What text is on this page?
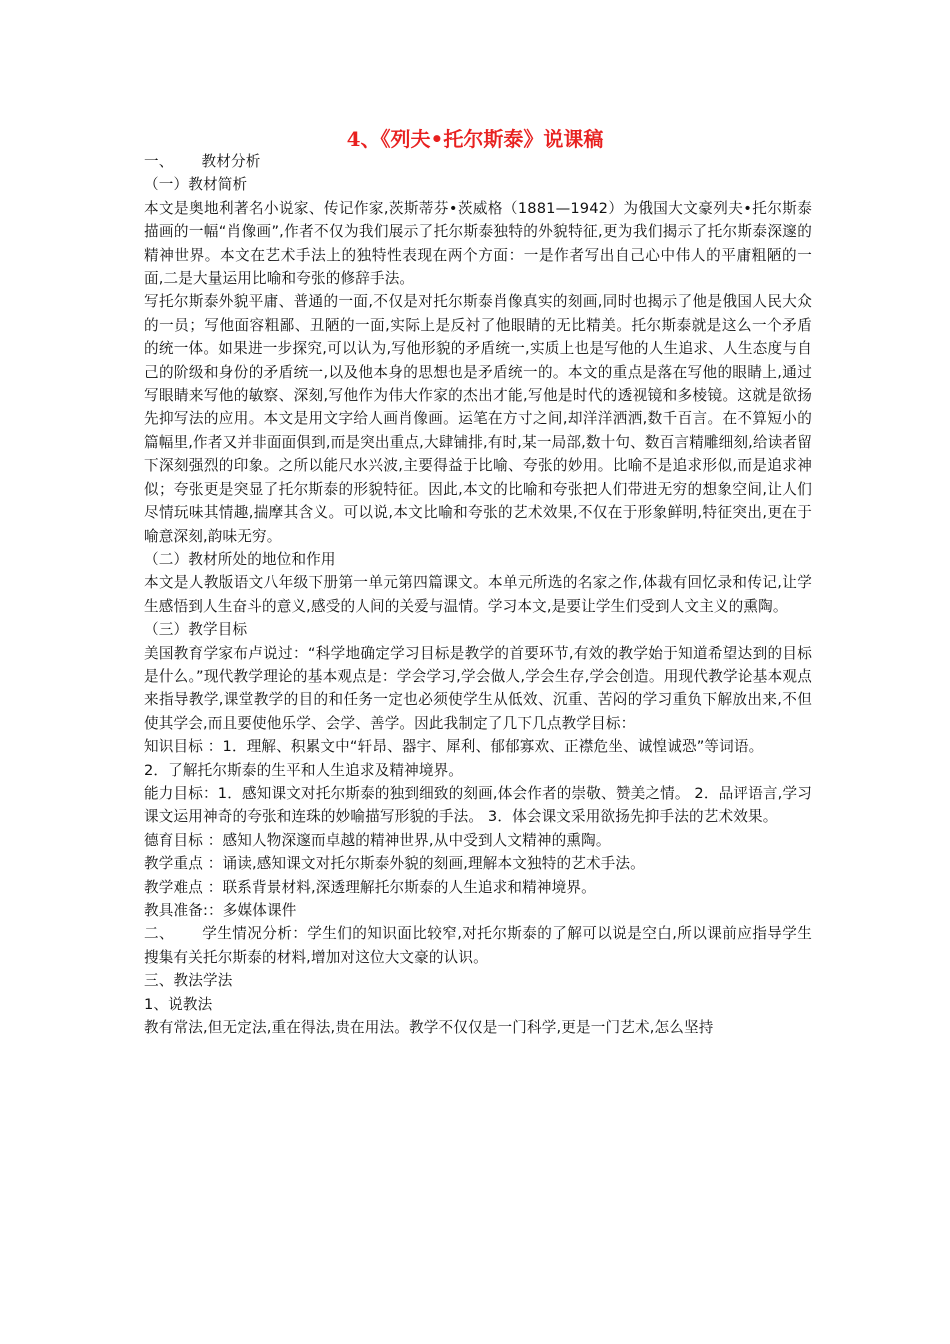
4、《列夫•托尔斯泰》说课稿

一、 教材分析

（一）教材简析

本文是奥地利著名小说家、传记作家,茨斯蒂芬•茨威格（1881—1942）为俄国大文豪列夫•托尔斯泰描画的一幅“肖像画”,作者不仅为我们展示了托尔斯泰独特的外貌特征,更为我们揭示了托尔斯泰深邃的精神世界。本文在艺术手法上的独特性表现在两个方面：一是作者写出自己心中伟人的平庸粗陋的一面,二是大量运用比喻和夸张的修辞手法。

写托尔斯泰外貌平庸、普通的一面,不仅是对托尔斯泰肖像真实的刻画,同时也揭示了他是俄国人民大众的一员；写他面容粗鄙、丑陋的一面,实际上是反衬了他眼睛的无比精美。托尔斯泰就是这么一个矛盾的统一体。如果进一步探究,可以认为,写他形貌的矛盾统一,实质上也是写他的人生追求、人生态度与自己的阶级和身份的矛盾统一,以及他本身的思想也是矛盾统一的。本文的重点是落在写他的眼睛上,通过写眼睛来写他的敏察、深刻,写他作为伟大作家的杰出才能,写他是时代的透视镜和多棱镜。这就是欲扬先抑写法的应用。本文是用文字给人画肖像画。运笔在方寸之间,却洋洋洒洒,数千百言。在不算短小的篇幅里,作者又并非面面俱到,而是突出重点,大肆铺排,有时,某一局部,数十句、数百言精雕细刻,给读者留下深刻强烈的印象。之所以能尺水兴波,主要得益于比喻、夸张的妙用。比喻不是追求形似,而是追求神似；夸张更是突显了托尔斯泰的形貌特征。因此,本文的比喻和夸张把人们带进无穷的想象空间,让人们尽情玩味其情趣,揣摩其含义。可以说,本文比喻和夸张的艺术效果,不仅在于形象鲜明,特征突出,更在于喻意深刻,韵味无穷。

（二）教材所处的地位和作用

本文是人教版语文八年级下册第一单元第四篇课文。本单元所选的名家之作,体裁有回忆录和传记,让学生感悟到人生奋斗的意义,感受的人间的关爱与温情。学习本文,是要让学生们受到人文主义的熏陶。

（三）教学目标

美国教育学家布卢说过：“科学地确定学习目标是教学的首要环节,有效的教学始于知道希望达到的目标是什么。”现代教学理论的基本观点是：学会学习,学会做人,学会生存,学会创造。用现代教学论基本观点来指导教学,课堂教学的目的和任务一定也必须使学生从低效、沉重、苦闷的学习重负下解放出来,不但使其学会,而且要使他乐学、会学、善学。因此我制定了几下几点教学目标：

知识目标 ：1．理解、积累文中“轩昂、器宇、犀利、郁郁寡欢、正襟危坐、诚惶诚恐”等词语。

2．了解托尔斯泰的生平和人生追求及精神境界。

能力目标：1．感知课文对托尔斯泰的独到细致的刻画,体会作者的崇敬、赞美之情。 2．品评语言,学习课文运用神奇的夸张和连珠的妙喻描写形貌的手法。 3．体会课文采用欲扬先抑手法的艺术效果。

德育目标 ：感知人物深邃而卓越的精神世界,从中受到人文精神的熏陶。

教学重点 ：诵读,感知课文对托尔斯泰外貌的刻画,理解本文独特的艺术手法。

教学难点 ：联系背景材料,深透理解托尔斯泰的人生追求和精神境界。

教具准备:：多媒体课件

二、 学生情况分析：学生们的知识面比较窄,对托尔斯泰的了解可以说是空白,所以课前应指导学生搜集有关托尔斯泰的材料,增加对这位大文豪的认识。

三、教法学法

1、说教法

教有常法,但无定法,重在得法,贵在用法。教学不仅仅是一门科学,更是一门艺术,怎么坚持
